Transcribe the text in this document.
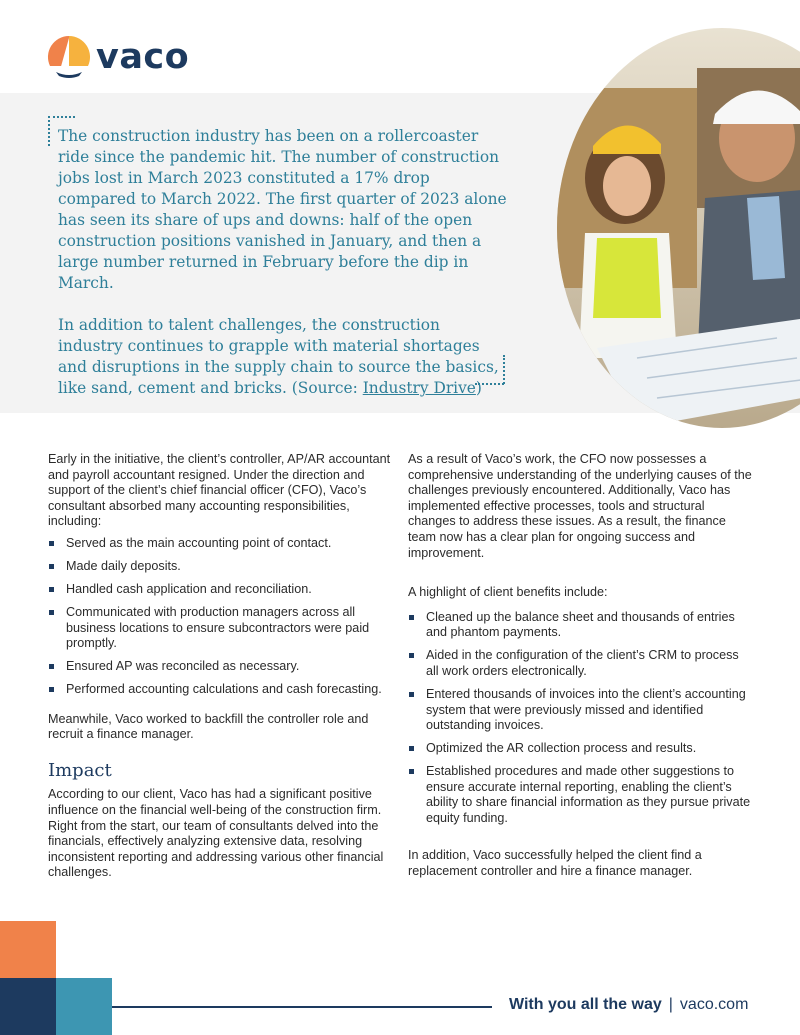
vaco

The construction industry has been on a rollercoaster ride since the pandemic hit. The number of construction jobs lost in March 2023 constituted a 17% drop compared to March 2022. The first quarter of 2023 alone has seen its share of ups and downs: half of the open construction positions vanished in January, and then a large number returned in February before the dip in March.

In addition to talent challenges, the construction industry continues to grapple with material shortages and disruptions in the supply chain to source the basics, like sand, cement and bricks. (Source: Industry Drive)

Early in the initiative, the client’s controller, AP/AR accountant and payroll accountant resigned. Under the direction and support of the client’s chief financial officer (CFO), Vaco’s consultant absorbed many accounting responsibilities, including:

Served as the main accounting point of contact.
Made daily deposits.
Handled cash application and reconciliation.
Communicated with production managers across all business locations to ensure subcontractors were paid promptly.
Ensured AP was reconciled as necessary.
Performed accounting calculations and cash forecasting.

Meanwhile, Vaco worked to backfill the controller role and recruit a finance manager.

Impact

According to our client, Vaco has had a significant positive influence on the financial well-being of the construction firm. Right from the start, our team of consultants delved into the financials, effectively analyzing extensive data, resolving inconsistent reporting and addressing various other financial challenges.

As a result of Vaco’s work, the CFO now possesses a comprehensive understanding of the underlying causes of the challenges previously encountered. Additionally, Vaco has implemented effective processes, tools and structural changes to address these issues. As a result, the finance team now has a clear plan for ongoing success and improvement.

A highlight of client benefits include:

Cleaned up the balance sheet and thousands of entries and phantom payments.
Aided in the configuration of the client’s CRM to process all work orders electronically.
Entered thousands of invoices into the client’s accounting system that were previously missed and identified outstanding invoices.
Optimized the AR collection process and results.
Established procedures and made other suggestions to ensure accurate internal reporting, enabling the client’s ability to share financial information as they pursue private equity funding.

In addition, Vaco successfully helped the client find a replacement controller and hire a finance manager.

With you all the way | vaco.com
